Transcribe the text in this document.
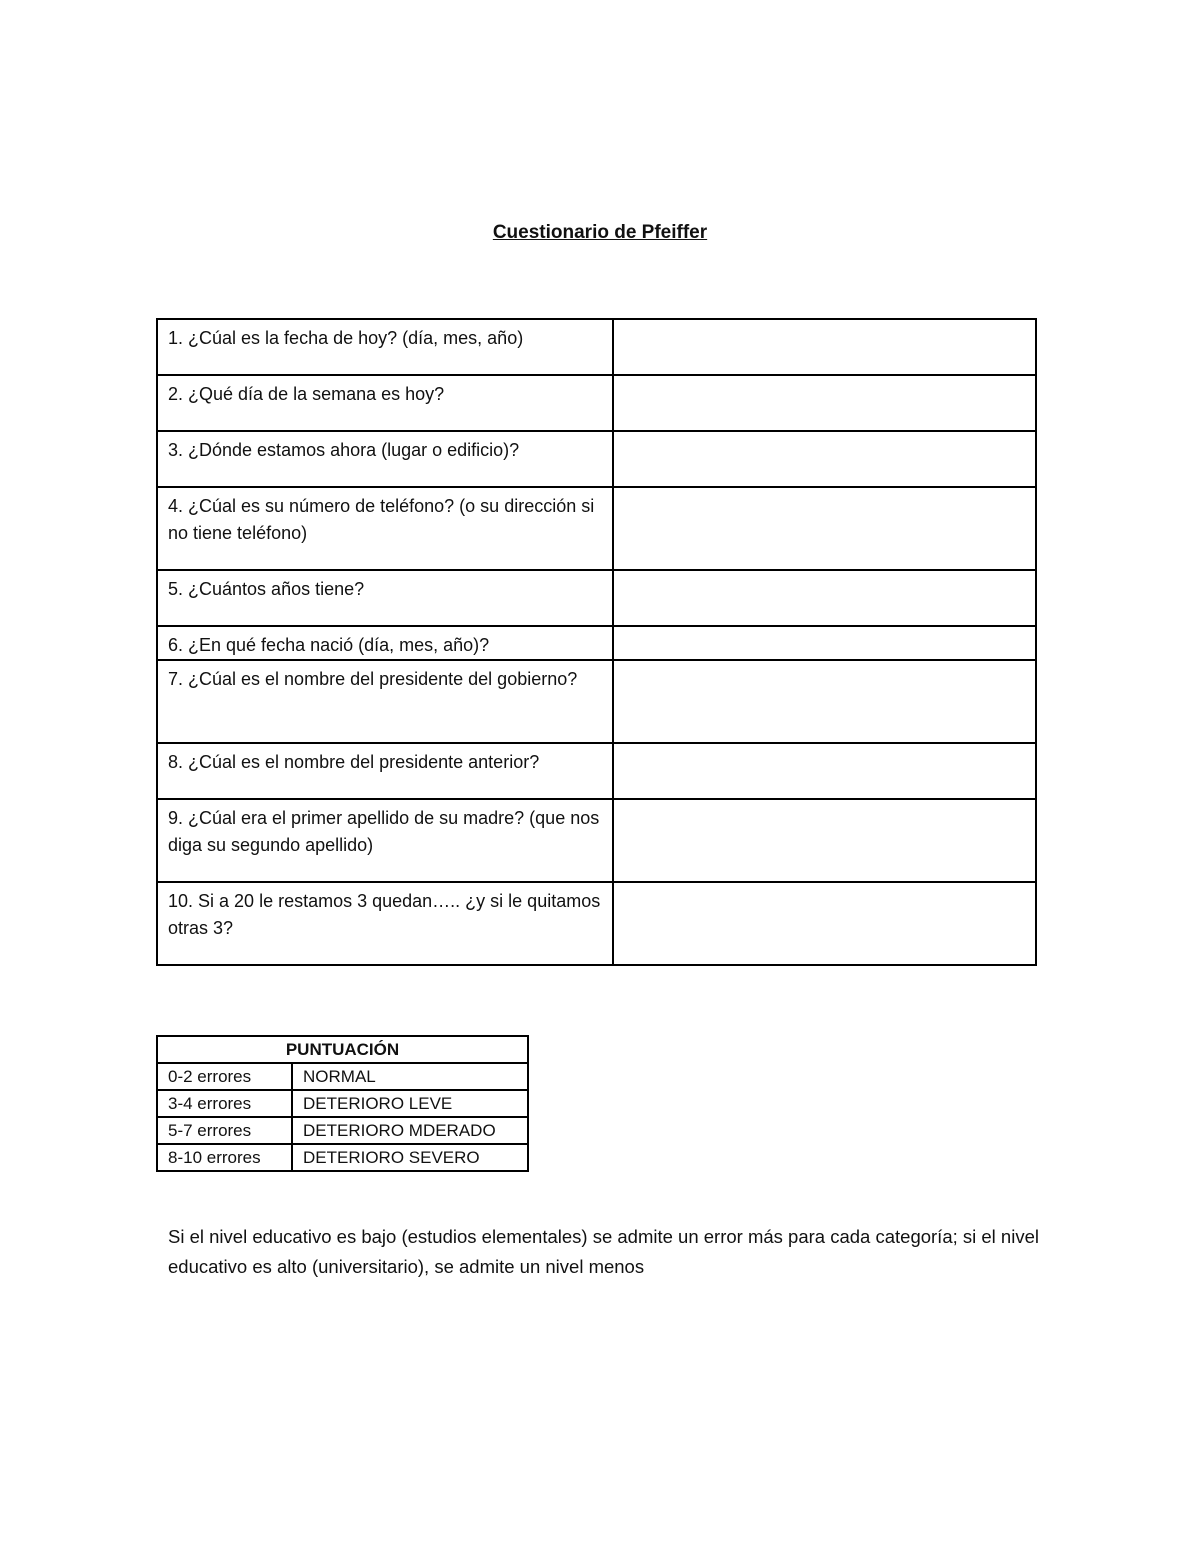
Cuestionario de Pfeiffer
1. ¿Cúal es la fecha de hoy? (día, mes, año)	
2. ¿Qué día de la semana es hoy?	
3. ¿Dónde estamos ahora (lugar o edificio)?	
4. ¿Cúal es su número de teléfono? (o su dirección si no tiene teléfono)	
5. ¿Cuántos años tiene?	
6. ¿En qué fecha nació (día, mes, año)?	
7. ¿Cúal es el nombre del presidente del gobierno?	
8. ¿Cúal es el nombre del presidente anterior?	
9. ¿Cúal era el primer apellido de su madre? (que nos diga su segundo apellido)	
10. Si a 20 le restamos 3 quedan….. ¿y si le quitamos otras 3?	
PUNTUACIÓN	
0-2 errores	NORMAL
3-4 errores	DETERIORO LEVE
5-7 errores	DETERIORO MDERADO
8-10 errores	DETERIORO SEVERO
Si el nivel educativo es bajo (estudios elementales) se admite un error más para cada categoría; si el nivel educativo es alto (universitario), se admite un nivel menos
